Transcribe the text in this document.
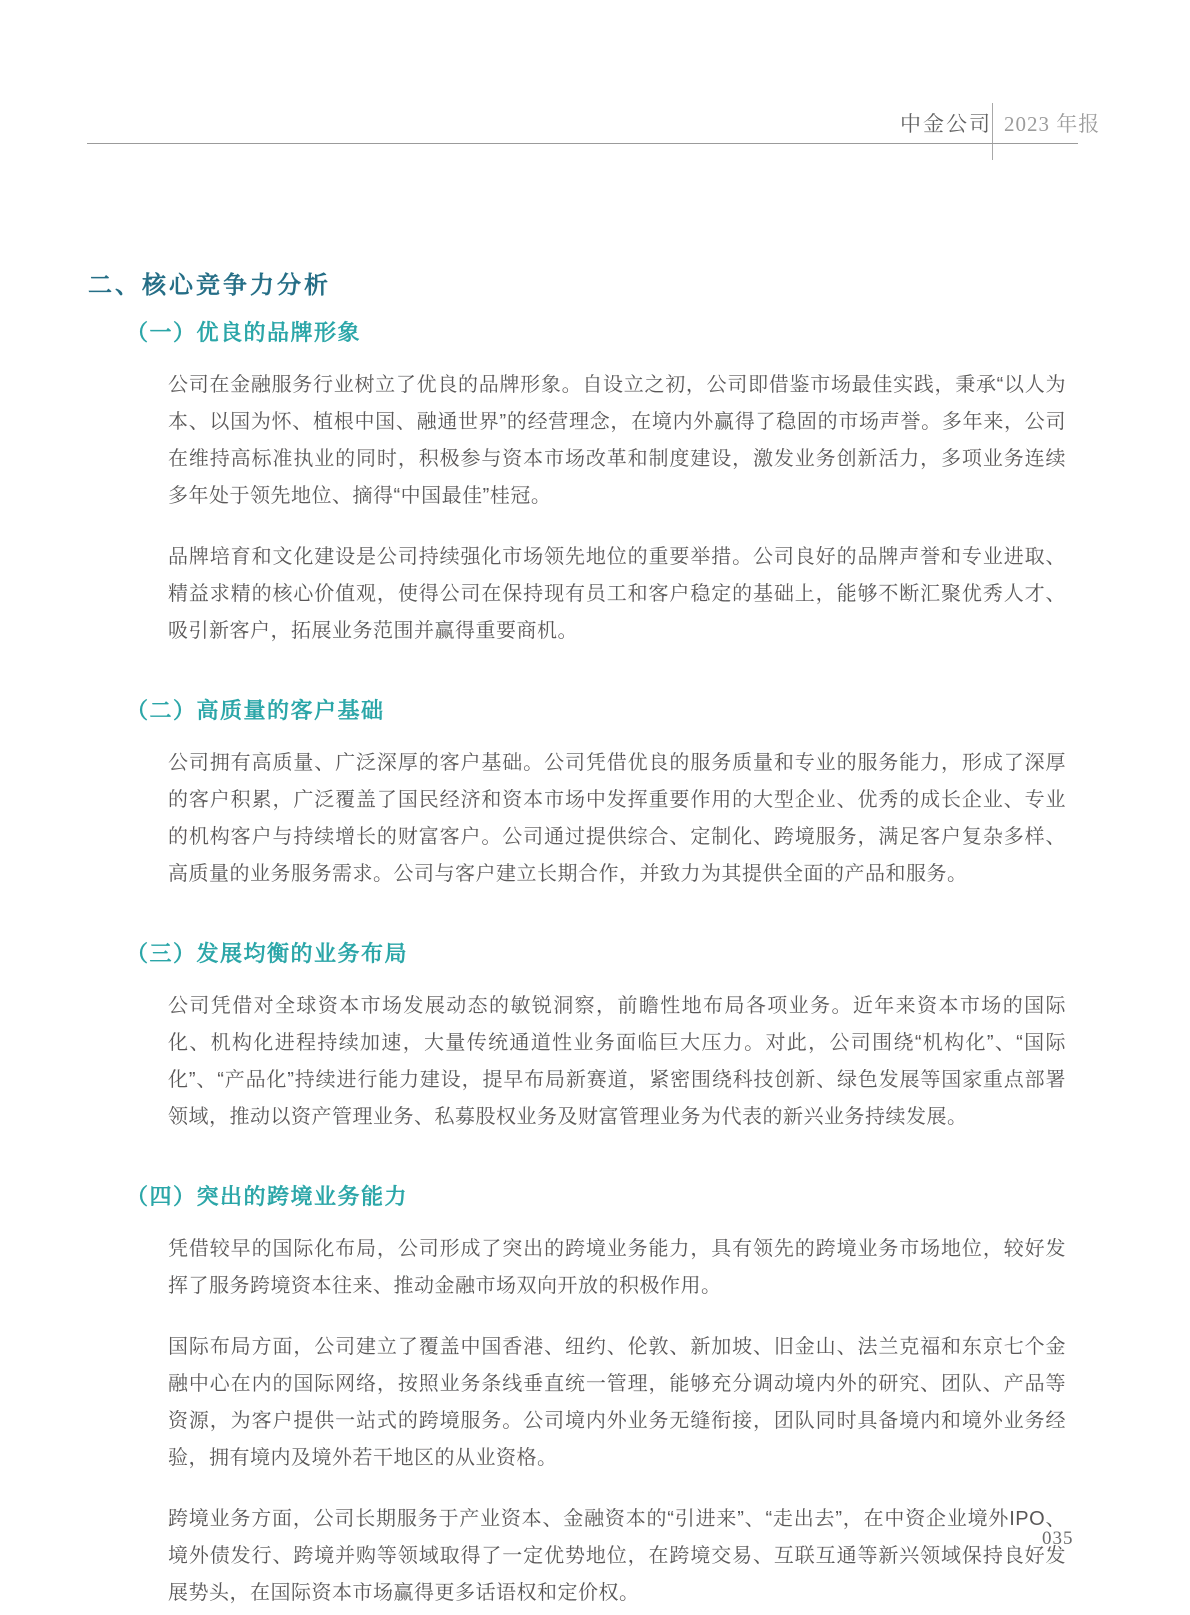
中金公司 2023 年报
二、核心竞争力分析
（一）优良的品牌形象

公司在金融服务行业树立了优良的品牌形象。自设立之初，公司即借鉴市场最佳实践，秉承“以人为本、以国为怀、植根中国、融通世界”的经营理念，在境内外赢得了稳固的市场声誉。多年来，公司在维持高标准执业的同时，积极参与资本市场改革和制度建设，激发业务创新活力，多项业务连续多年处于领先地位、摘得“中国最佳”桂冠。

品牌培育和文化建设是公司持续强化市场领先地位的重要举措。公司良好的品牌声誉和专业进取、精益求精的核心价值观，使得公司在保持现有员工和客户稳定的基础上，能够不断汇聚优秀人才、吸引新客户，拓展业务范围并赢得重要商机。

（二）高质量的客户基础

公司拥有高质量、广泛深厚的客户基础。公司凭借优良的服务质量和专业的服务能力，形成了深厚的客户积累，广泛覆盖了国民经济和资本市场中发挥重要作用的大型企业、优秀的成长企业、专业的机构客户与持续增长的财富客户。公司通过提供综合、定制化、跨境服务，满足客户复杂多样、高质量的业务服务需求。公司与客户建立长期合作，并致力为其提供全面的产品和服务。

（三）发展均衡的业务布局

公司凭借对全球资本市场发展动态的敏锐洞察，前瞻性地布局各项业务。近年来资本市场的国际化、机构化进程持续加速，大量传统通道性业务面临巨大压力。对此，公司围绕“机构化”、“国际化”、“产品化”持续进行能力建设，提早布局新赛道，紧密围绕科技创新、绿色发展等国家重点部署领域，推动以资产管理业务、私募股权业务及财富管理业务为代表的新兴业务持续发展。

（四）突出的跨境业务能力

凭借较早的国际化布局，公司形成了突出的跨境业务能力，具有领先的跨境业务市场地位，较好发挥了服务跨境资本往来、推动金融市场双向开放的积极作用。

国际布局方面，公司建立了覆盖中国香港、纽约、伦敦、新加坡、旧金山、法兰克福和东京七个金融中心在内的国际网络，按照业务条线垂直统一管理，能够充分调动境内外的研究、团队、产品等资源，为客户提供一站式的跨境服务。公司境内外业务无缝衔接，团队同时具备境内和境外业务经验，拥有境内及境外若干地区的从业资格。

跨境业务方面，公司长期服务于产业资本、金融资本的“引进来”、“走出去”，在中资企业境外IPO、境外债发行、跨境并购等领域取得了一定优势地位，在跨境交易、互联互通等新兴领域保持良好发展势头，在国际资本市场赢得更多话语权和定价权。

035
